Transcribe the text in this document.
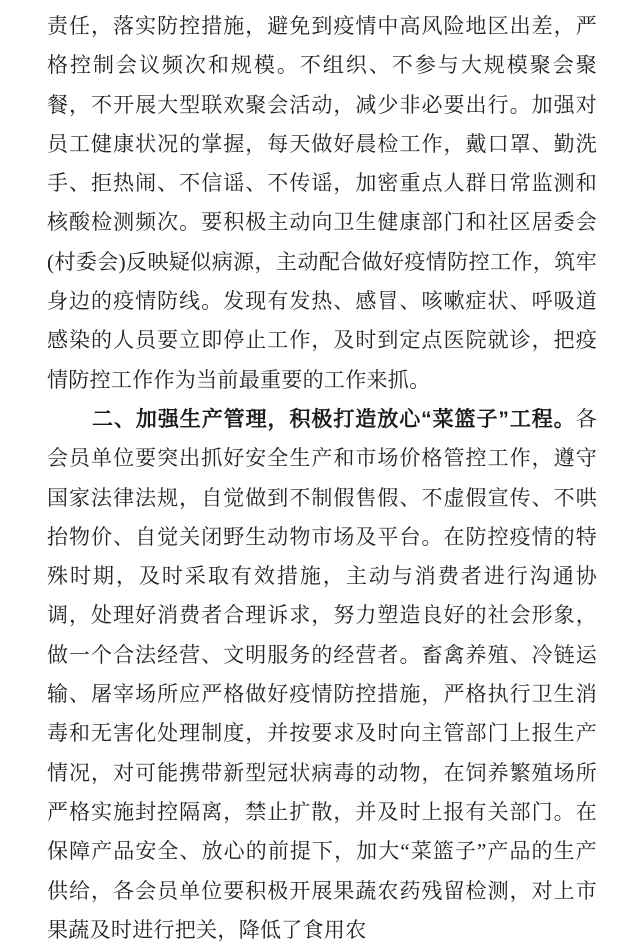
责任，落实防控措施，避免到疫情中高风险地区出差，严格控制会议频次和规模。不组织、不参与大规模聚会聚餐，不开展大型联欢聚会活动，减少非必要出行。加强对员工健康状况的掌握，每天做好晨检工作，戴口罩、勤洗手、拒热闹、不信谣、不传谣，加密重点人群日常监测和核酸检测频次。要积极主动向卫生健康部门和社区居委会(村委会)反映疑似病源，主动配合做好疫情防控工作，筑牢身边的疫情防线。发现有发热、感冒、咳嗽症状、呼吸道感染的人员要立即停止工作，及时到定点医院就诊，把疫情防控工作作为当前最重要的工作来抓。

二、加强生产管理，积极打造放心“菜篮子”工程。各会员单位要突出抓好安全生产和市场价格管控工作，遵守国家法律法规，自觉做到不制假售假、不虚假宣传、不哄抬物价、自觉关闭野生动物市场及平台。在防控疫情的特殊时期，及时采取有效措施，主动与消费者进行沟通协调，处理好消费者合理诉求，努力塑造良好的社会形象，做一个合法经营、文明服务的经营者。畜禽养殖、冷链运输、屠宰场所应严格做好疫情防控措施，严格执行卫生消毒和无害化处理制度，并按要求及时向主管部门上报生产情况，对可能携带新型冠状病毒的动物，在饲养繁殖场所严格实施封控隔离，禁止扩散，并及时上报有关部门。在保障产品安全、放心的前提下，加大“菜篮子”产品的生产供给，各会员单位要积极开展果蔬农药残留检测，对上市果蔬及时进行把关，降低了食用农
